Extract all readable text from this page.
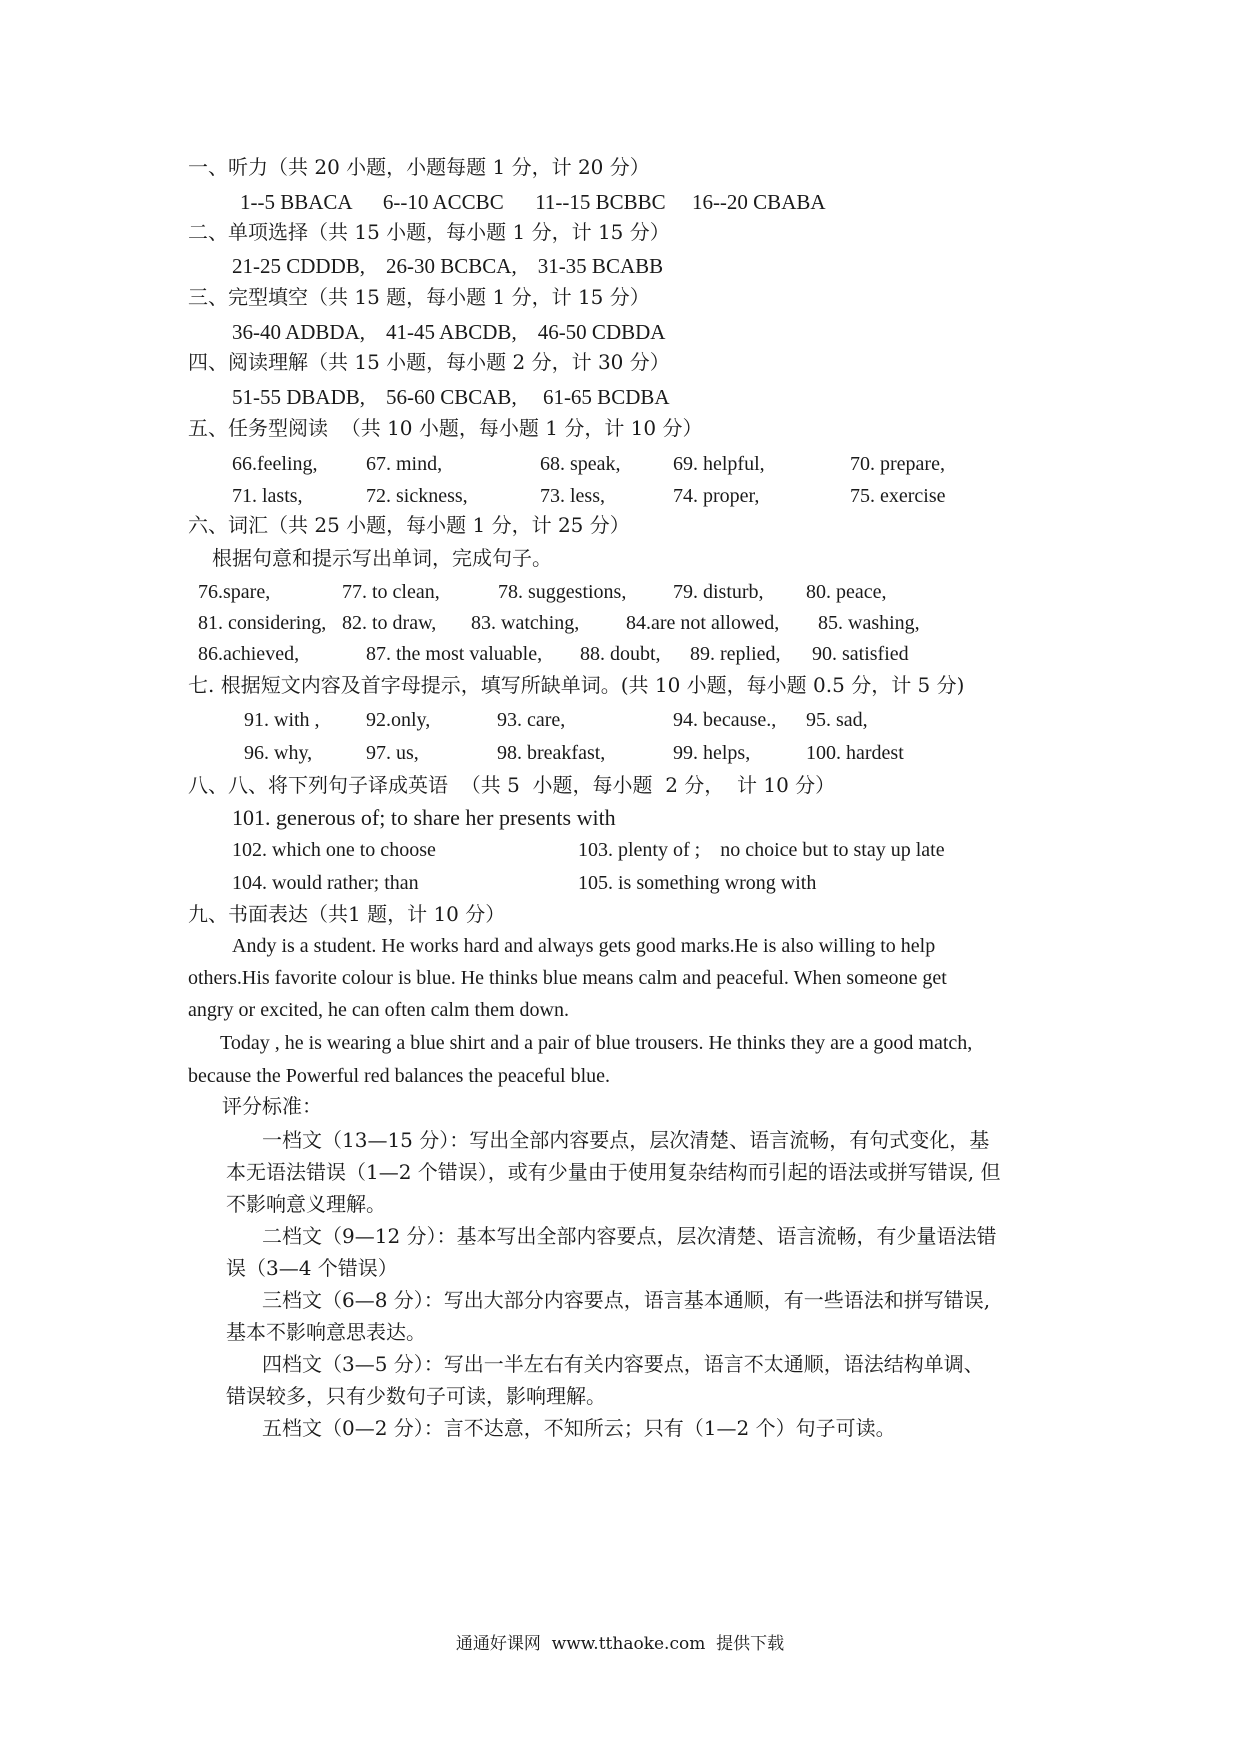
一、听力（共 20 小题，小题每题 1 分，计 20 分）
1--5 BBACA      6--10 ACCBC      11--15 BCBBC     16--20 CBABA
二、单项选择（共 15 小题，每小题 1 分，计 15 分）
21-25 CDDDB,    26-30 BCBCA,    31-35 BCABB
三、完型填空（共 15 题，每小题 1 分，计 15 分）
36-40 ADBDA,    41-45 ABCDB,    46-50 CDBDA
四、阅读理解（共 15 小题，每小题 2 分，计 30 分）
51-55 DBADB,    56-60 CBCAB,     61-65 BCDBA
五、任务型阅读  （共 10 小题，每小题 1 分，计 10 分）
66.feeling, 67. mind,	68. speak,	69. helpful,	70. prepare,
71. lasts,	72. sickness,	73. less,	74. proper,	75. exercise
六、词汇（共 25 小题，每小题 1 分，计 25 分）
根据句意和提示写出单词，完成句子。
76.spare,	77. to clean,	78. suggestions, 79. disturb, 80. peace,
81. considering, 82. to draw, 83. watching, 84.are not allowed, 85. washing,
86.achieved,	87. the most valuable, 88. doubt, 89. replied, 90. satisfied
七. 根据短文内容及首字母提示，填写所缺单词。(共 10 小题，每小题 0.5 分，计 5 分)
91. with , 92.only,	93. care,	94. because., 95. sad,
96. why,	97. us,	98. breakfast,	99. helps,	100. hardest
八、八、将下列句子译成英语  （共 5  小题，每小题  2 分，  计 10 分）
101. generous of; to share her presents with
102. which one to choose	103. plenty of ;    no choice but to stay up late
104. would rather; than	105. is something wrong with
九、书面表达（共1 题，计 10 分）
Andy is a student. He works hard and always gets good marks.He is also willing to help
others.His favorite colour is blue. He thinks blue means calm and peaceful. When someone get
angry or excited, he can often calm them down.
Today , he is wearing a blue shirt and a pair of blue trousers. He thinks they are a good match,
because the Powerful red balances the peaceful blue.
评分标准：
一档文（13—15 分）：写出全部内容要点，层次清楚、语言流畅，有句式变化，基
本无语法错误（1—2 个错误），或有少量由于使用复杂结构而引起的语法或拼写错误, 但
不影响意义理解。
二档文（9—12 分）：基本写出全部内容要点，层次清楚、语言流畅，有少量语法错
误（3—4 个错误）
三档文（6—8 分）：写出大部分内容要点，语言基本通顺，有一些语法和拼写错误,
基本不影响意思表达。
四档文（3—5 分）：写出一半左右有关内容要点，语言不太通顺，语法结构单调、
错误较多，只有少数句子可读，影响理解。
五档文（0—2 分）：言不达意，不知所云；只有（1—2 个）句子可读。
通通好课网  www.tthaoke.com  提供下载
